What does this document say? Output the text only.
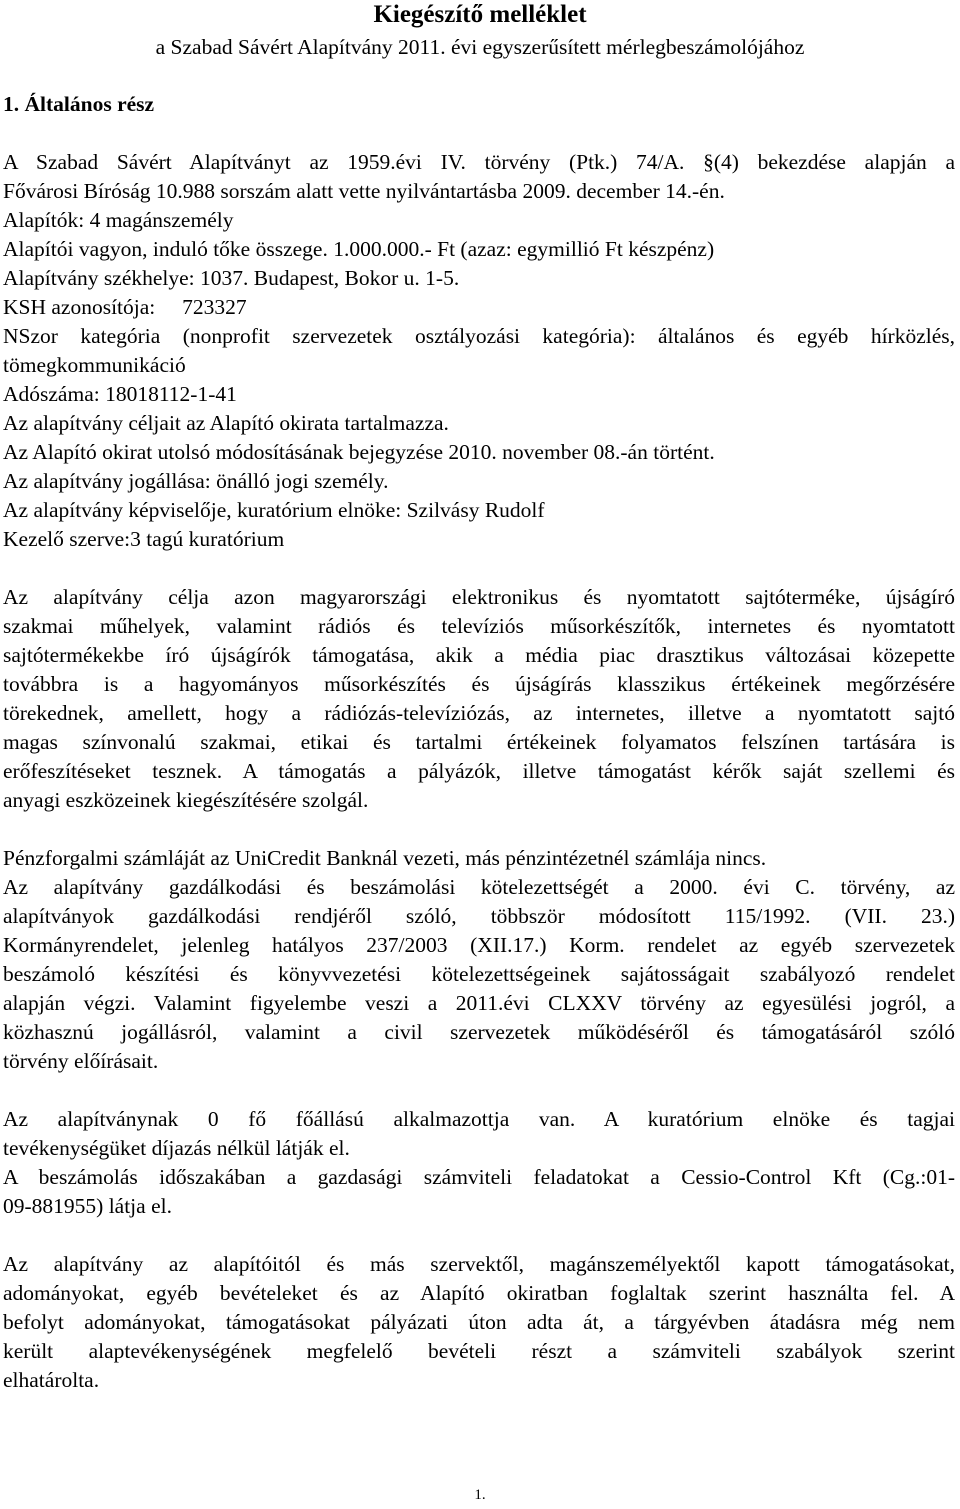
Kiegészítő melléklet
a Szabad Sávért Alapítvány 2011. évi egyszerűsített mérlegbeszámolójához
1. Általános rész
A Szabad Sávért Alapítványt az 1959.évi IV. törvény (Ptk.) 74/A. §(4) bekezdése alapján a
Fővárosi Bíróság 10.988 sorszám alatt vette nyilvántartásba 2009. december 14.-én.
Alapítók: 4 magánszemély
Alapítói vagyon, induló tőke összege. 1.000.000.- Ft (azaz: egymillió Ft készpénz)
Alapítvány székhelye: 1037. Budapest, Bokor u. 1-5.
KSH azonosítója:     723327
NSzor kategória (nonprofit szervezetek osztályozási kategória): általános és egyéb hírközlés,
tömegkommunikáció
Adószáma: 18018112-1-41
Az alapítvány céljait az Alapító okirata tartalmazza.
Az Alapító okirat utolsó módosításának bejegyzése 2010. november 08.-án történt.
Az alapítvány jogállása: önálló jogi személy.
Az alapítvány képviselője, kuratórium elnöke: Szilvásy Rudolf
Kezelő szerve:3 tagú kuratórium
Az alapítvány célja azon magyarországi elektronikus és nyomtatott sajtóterméke, újságíró
szakmai műhelyek, valamint rádiós és televíziós műsorkészítők, internetes és nyomtatott
sajtótermékekbe író újságírók támogatása, akik a média piac drasztikus változásai közepette
továbbra is a hagyományos műsorkészítés és újságírás klasszikus értékeinek megőrzésére
törekednek, amellett, hogy a rádiózás-televíziózás, az internetes, illetve a nyomtatott sajtó
magas színvonalú szakmai, etikai és tartalmi értékeinek folyamatos felszínen tartására is
erőfeszítéseket tesznek. A támogatás a pályázók, illetve támogatást kérők saját szellemi és
anyagi eszközeinek kiegészítésére szolgál.
Pénzforgalmi számláját az UniCredit Banknál vezeti, más pénzintézetnél számlája nincs.
Az alapítvány gazdálkodási és beszámolási kötelezettségét a 2000. évi C. törvény, az
alapítványok gazdálkodási rendjéről szóló, többször módosított 115/1992. (VII. 23.)
Kormányrendelet, jelenleg hatályos 237/2003 (XII.17.) Korm. rendelet az egyéb szervezetek
beszámoló készítési és könyvvezetési kötelezettségeinek sajátosságait szabályozó rendelet
alapján végzi. Valamint figyelembe veszi a 2011.évi CLXXV törvény az egyesülési jogról, a
közhasznú jogállásról, valamint a civil szervezetek működéséről és támogatásáról szóló
törvény előírásait.
Az alapítványnak 0 fő főállású alkalmazottja van. A kuratórium elnöke és tagjai
tevékenységüket díjazás nélkül látják el.
A beszámolás időszakában a gazdasági számviteli feladatokat a Cessio-Control Kft (Cg.:01-
09-881955) látja el.
Az alapítvány az alapítóitól és más szervektől, magánszemélyektől kapott támogatásokat,
adományokat, egyéb bevételeket és az Alapító okiratban foglaltak szerint használta fel. A
befolyt adományokat, támogatásokat pályázati úton adta át, a tárgyévben átadásra még nem
került alaptevékenységének megfelelő bevételi részt a számviteli szabályok szerint
elhatárolta.
1.
